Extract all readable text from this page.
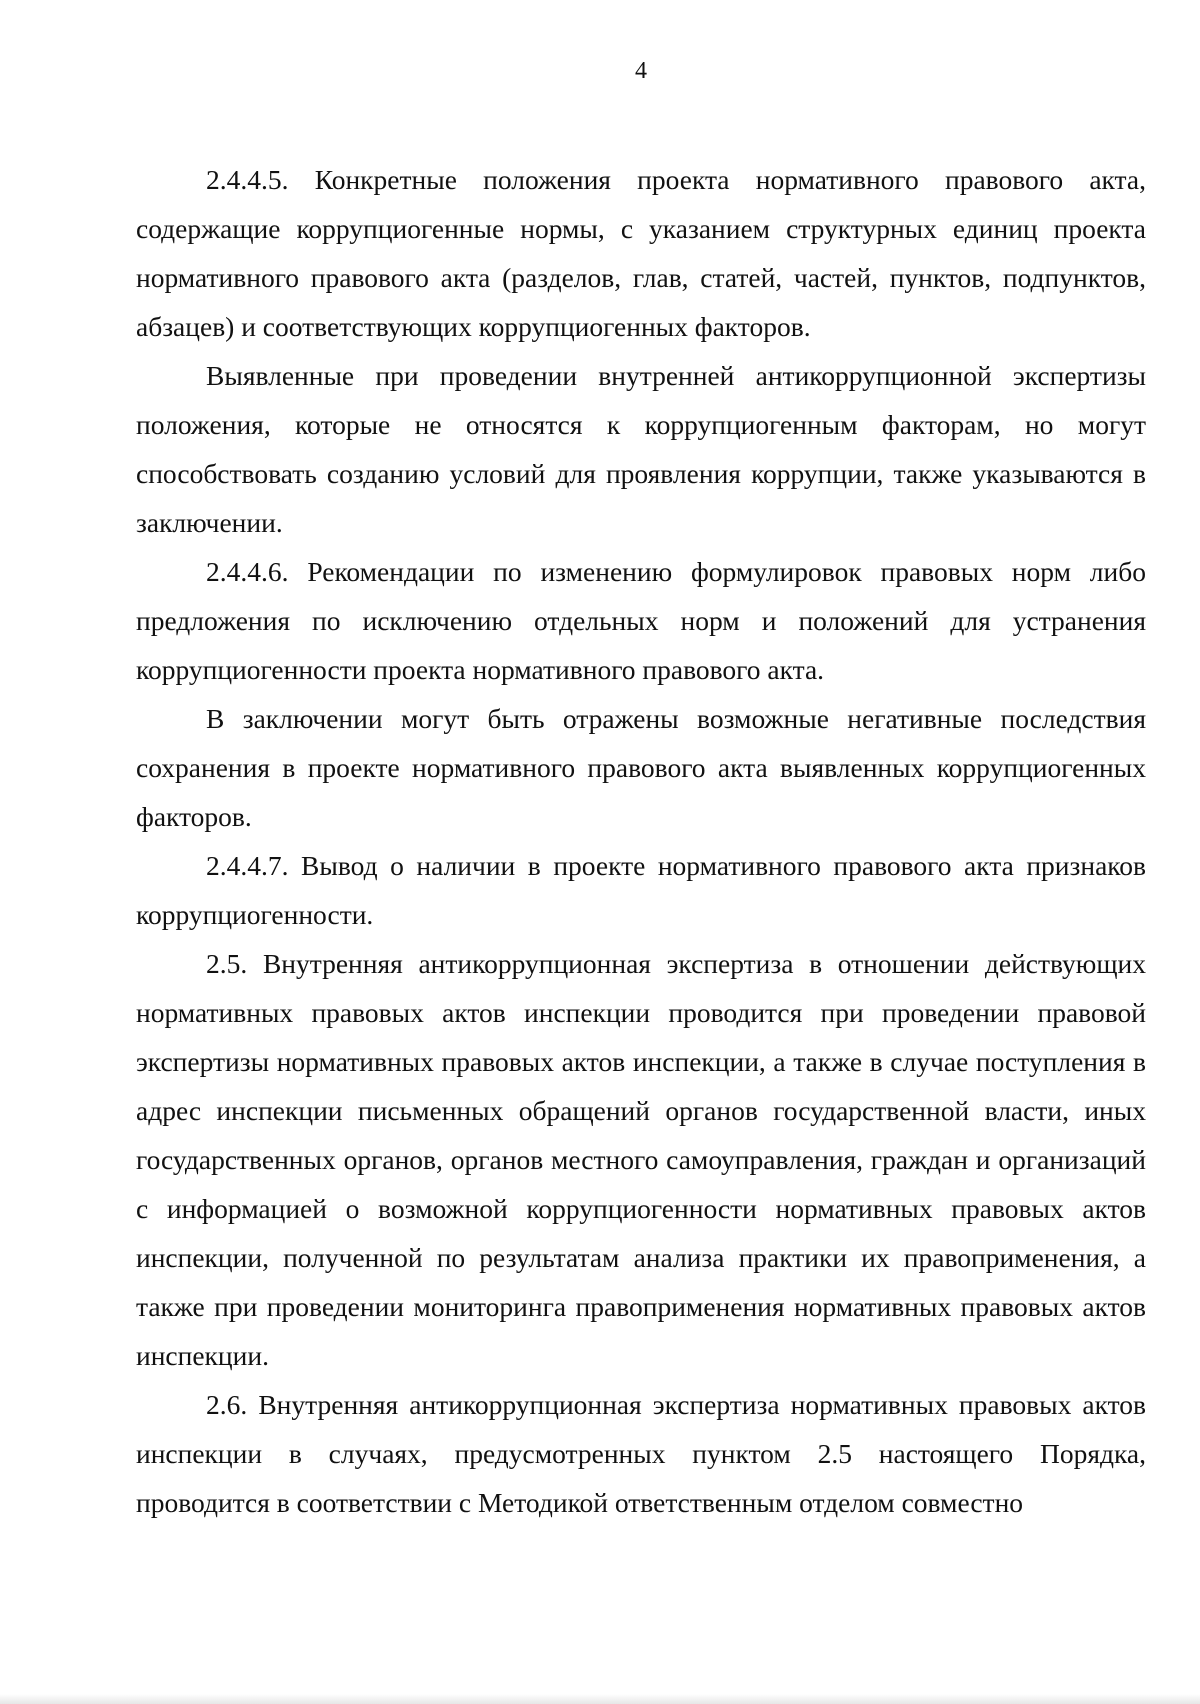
4

2.4.4.5. Конкретные положения проекта нормативного правового акта, содержащие коррупциогенные нормы, с указанием структурных единиц проекта нормативного правового акта (разделов, глав, статей, частей, пунктов, подпунктов, абзацев) и соответствующих коррупциогенных факторов.

Выявленные при проведении внутренней антикоррупционной экспертизы положения, которые не относятся к коррупциогенным факторам, но могут способствовать созданию условий для проявления коррупции, также указываются в заключении.

2.4.4.6. Рекомендации по изменению формулировок правовых норм либо предложения по исключению отдельных норм и положений для устранения коррупциогенности проекта нормативного правового акта.

В заключении могут быть отражены возможные негативные последствия сохранения в проекте нормативного правового акта выявленных коррупциогенных факторов.

2.4.4.7. Вывод о наличии в проекте нормативного правового акта признаков коррупциогенности.

2.5. Внутренняя антикоррупционная экспертиза в отношении действующих нормативных правовых актов инспекции проводится при проведении правовой экспертизы нормативных правовых актов инспекции, а также в случае поступления в адрес инспекции письменных обращений органов государственной власти, иных государственных органов, органов местного самоуправления, граждан и организаций с информацией о возможной коррупциогенности нормативных правовых актов инспекции, полученной по результатам анализа практики их правоприменения, а также при проведении мониторинга правоприменения нормативных правовых актов инспекции.

2.6. Внутренняя антикоррупционная экспертиза нормативных правовых актов инспекции в случаях, предусмотренных пунктом 2.5 настоящего Порядка, проводится в соответствии с Методикой ответственным отделом совместно
